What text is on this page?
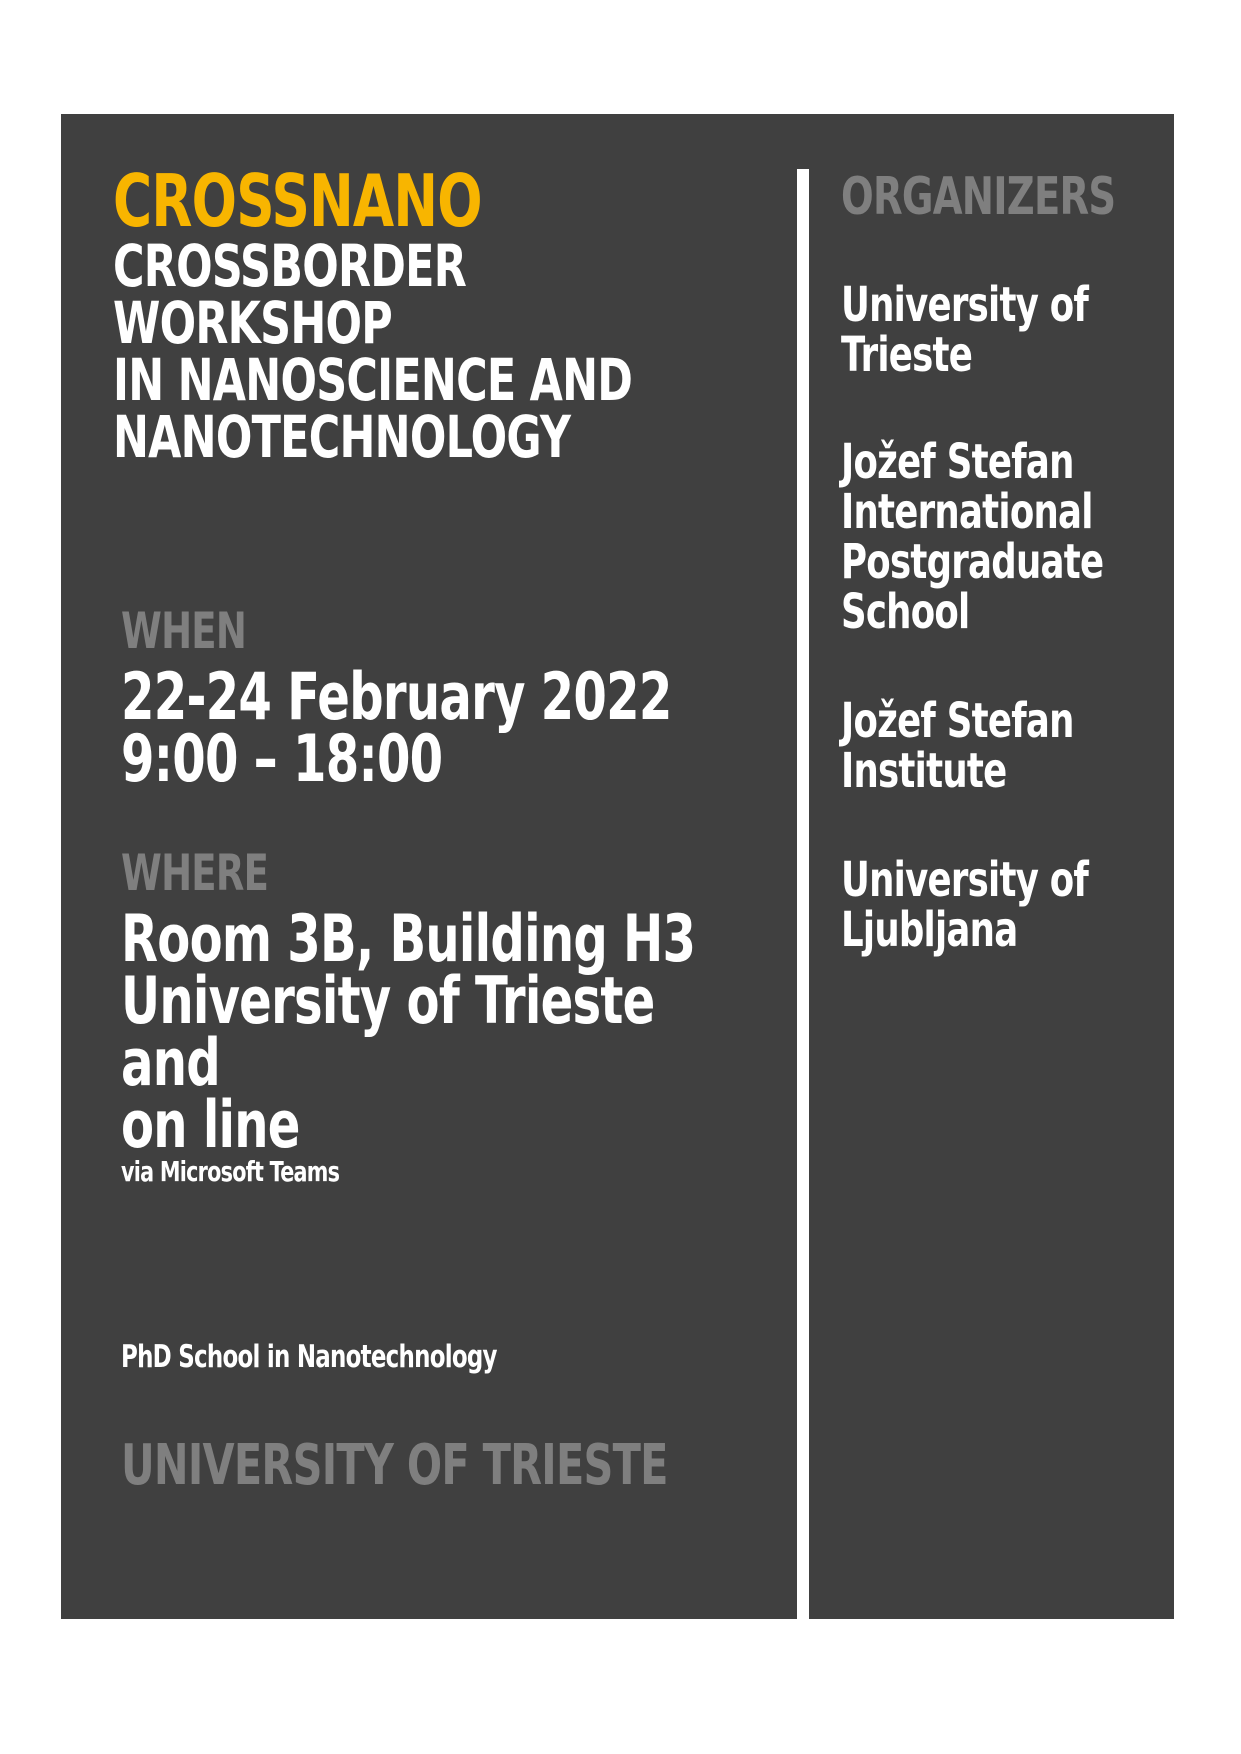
CROSSNANO
CROSSBORDER
WORKSHOP
IN NANOSCIENCE AND
NANOTECHNOLOGY
WHEN
22-24 February 2022
9:00 – 18:00
WHERE
Room 3B, Building H3
University of Trieste
and
on line
via Microsoft Teams
PhD School in Nanotechnology
UNIVERSITY OF TRIESTE
ORGANIZERS
University of
Trieste
Jožef Stefan
International
Postgraduate
School
Jožef Stefan
Institute
University of
Ljubljana
